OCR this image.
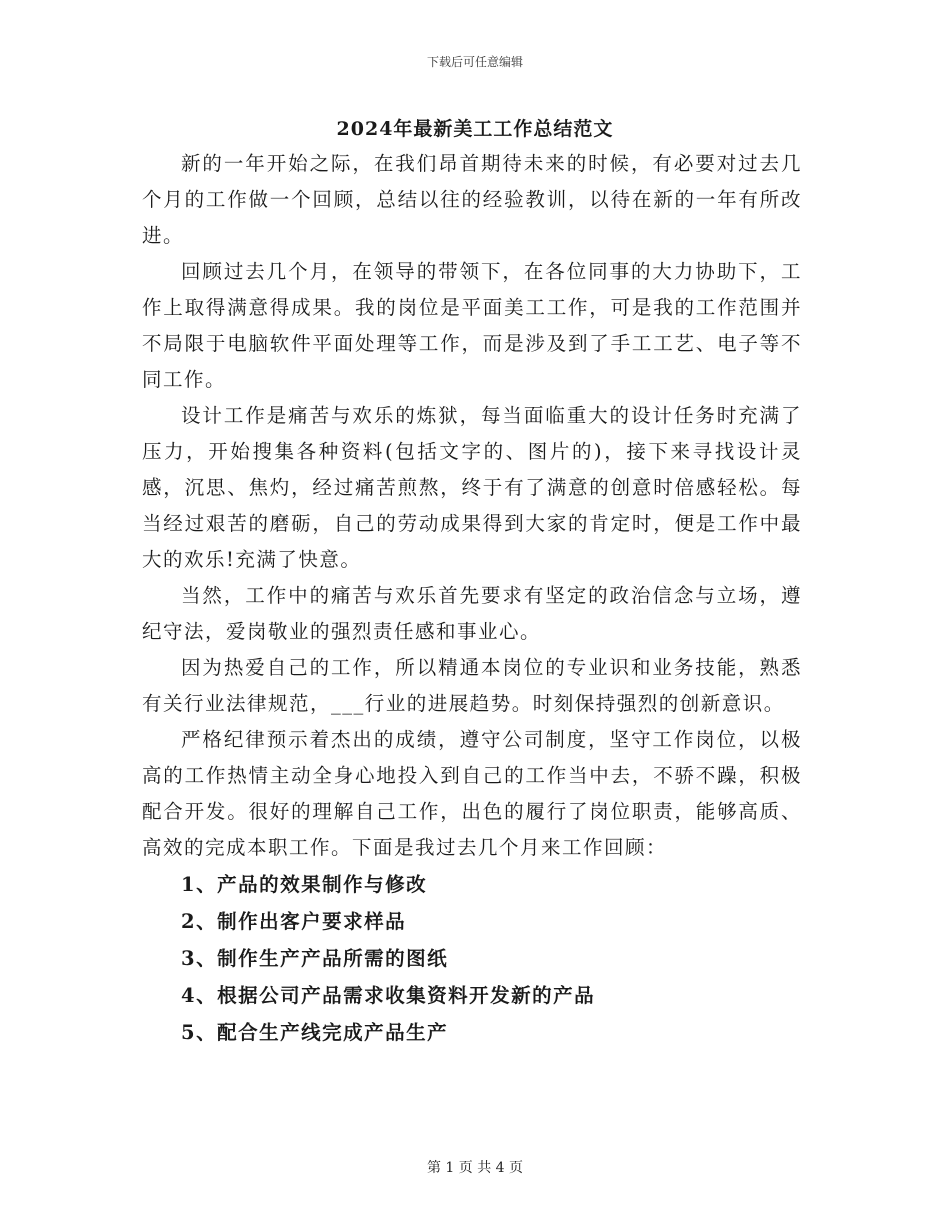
下载后可任意编辑
2024年最新美工工作总结范文

新的一年开始之际，在我们昂首期待未来的时候，有必要对过去几个月的工作做一个回顾，总结以往的经验教训，以待在新的一年有所改进。

回顾过去几个月，在领导的带领下，在各位同事的大力协助下，工作上取得满意得成果。我的岗位是平面美工工作，可是我的工作范围并不局限于电脑软件平面处理等工作，而是涉及到了手工工艺、电子等不同工作。

设计工作是痛苦与欢乐的炼狱，每当面临重大的设计任务时充满了压力，开始搜集各种资料(包括文字的、图片的)，接下来寻找设计灵感，沉思、焦灼，经过痛苦煎熬，终于有了满意的创意时倍感轻松。每当经过艰苦的磨砺，自己的劳动成果得到大家的肯定时，便是工作中最大的欢乐!充满了快意。

当然，工作中的痛苦与欢乐首先要求有坚定的政治信念与立场，遵纪守法，爱岗敬业的强烈责任感和事业心。

因为热爱自己的工作，所以精通本岗位的专业识和业务技能，熟悉有关行业法律规范，___行业的进展趋势。时刻保持强烈的创新意识。

严格纪律预示着杰出的成绩，遵守公司制度，坚守工作岗位，以极高的工作热情主动全身心地投入到自己的工作当中去，不骄不躁，积极配合开发。很好的理解自己工作，出色的履行了岗位职责，能够高质、高效的完成本职工作。下面是我过去几个月来工作回顾：

1、产品的效果制作与修改
2、制作出客户要求样品
3、制作生产产品所需的图纸
4、根据公司产品需求收集资料开发新的产品
5、配合生产线完成产品生产
第 1 页 共 4 页
